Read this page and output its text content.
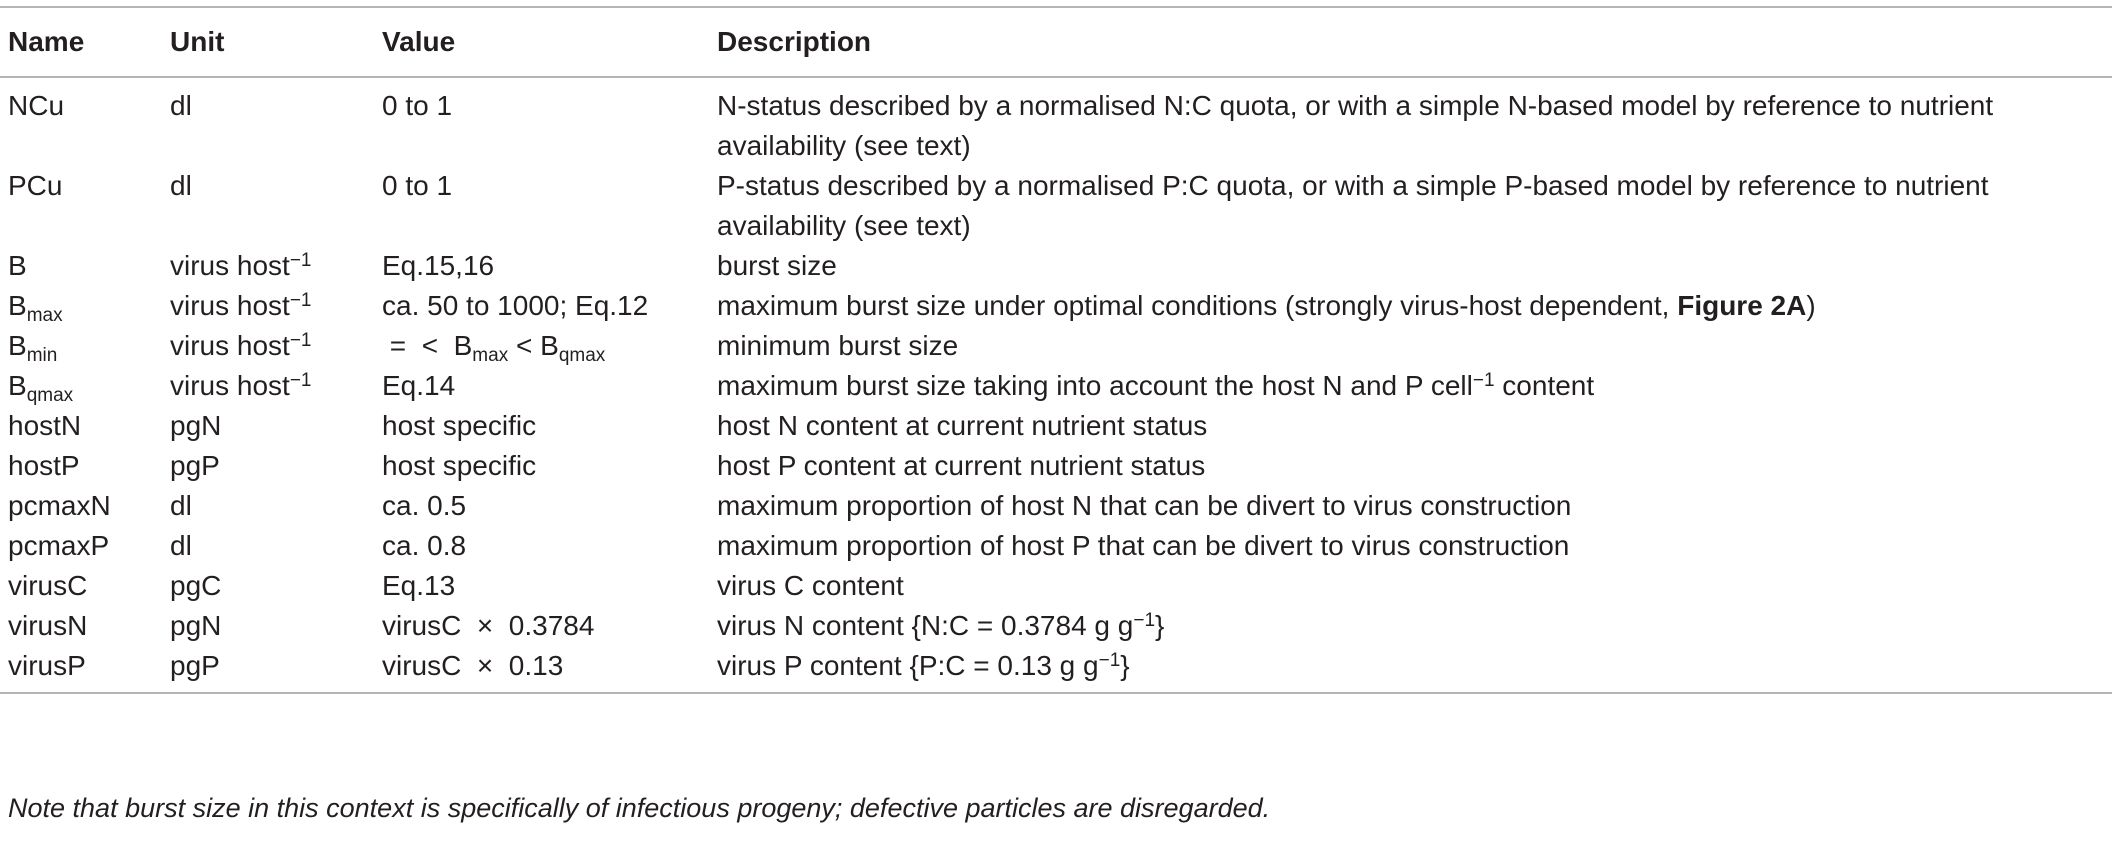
Name	Unit	Value	Description
NCu	dl	0 to 1	N-status described by a normalised N:C quota, or with a simple N-based model by reference to nutrient availability (see text)
PCu	dl	0 to 1	P-status described by a normalised P:C quota, or with a simple P-based model by reference to nutrient availability (see text)
B	virus host$^{-1}$	Eq.15,16	burst size
$B_{max}$	virus host$^{-1}$	ca. 50 to 1000; Eq.12	maximum burst size under optimal conditions (strongly virus-host dependent, Figure 2A)
$B_{min}$	virus host$^{-1}$	=  <  $B_{max} < B_{qmax}$	minimum burst size
$B_{qmax}$	virus host$^{-1}$	Eq.14	maximum burst size taking into account the host N and P cell$^{-1}$ content
hostN	pgN	host specific	host N content at current nutrient status
hostP	pgP	host specific	host P content at current nutrient status
pcmaxN	dl	ca. 0.5	maximum proportion of host N that can be divert to virus construction
pcmaxP	dl	ca. 0.8	maximum proportion of host P that can be divert to virus construction
virusC	pgC	Eq.13	virus C content
virusN	pgN	virusC  ×  0.3784	virus N content {N:C = 0.3784 g $g^{-1}$}
virusP	pgP	virusC  ×  0.13	virus P content {P:C = 0.13 g $g^{-1}$}
Note that burst size in this context is specifically of infectious progeny; defective particles are disregarded.
